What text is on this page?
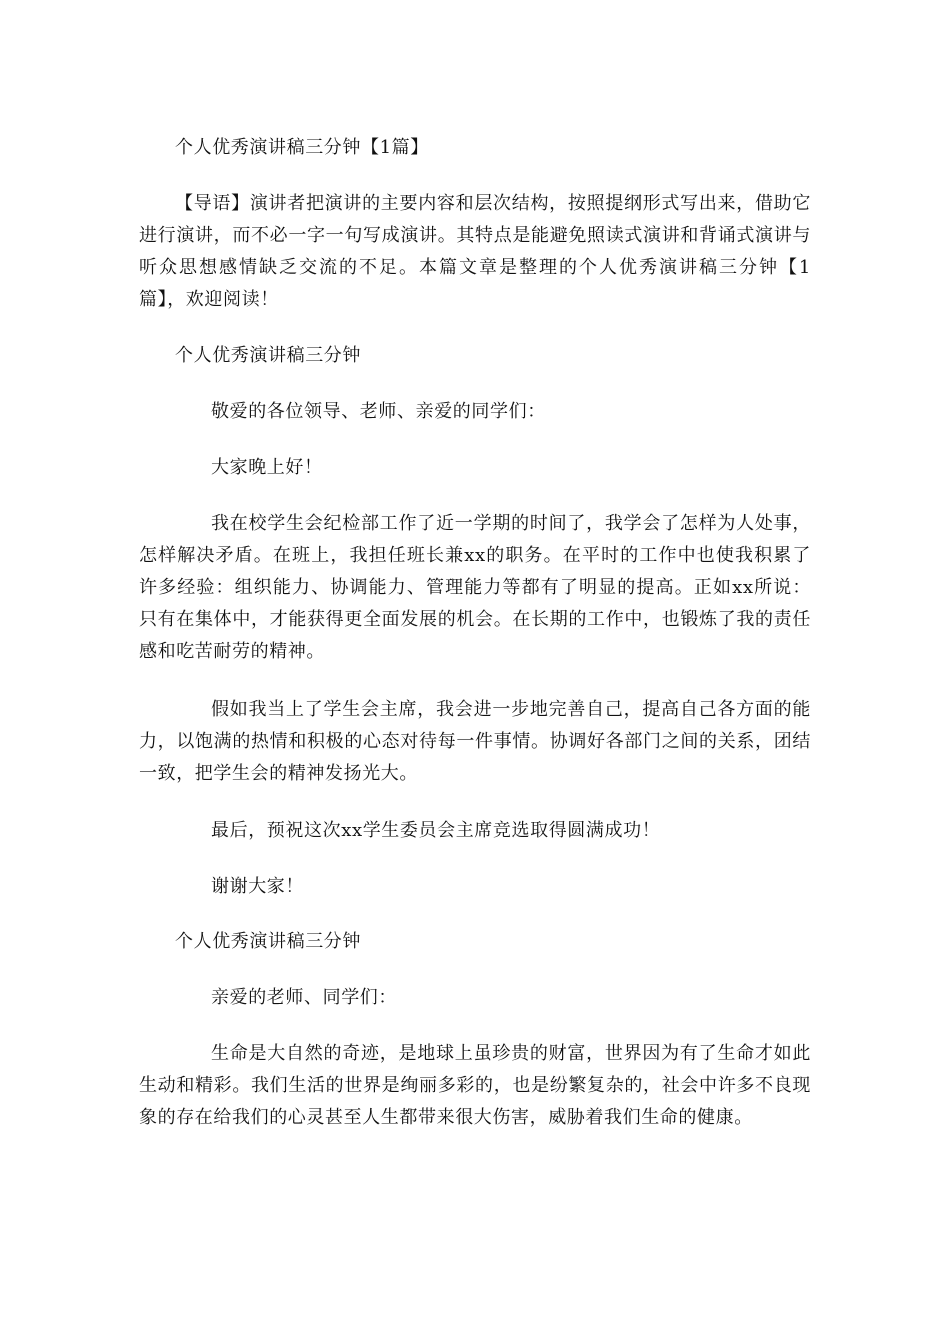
个人优秀演讲稿三分钟【1篇】
【导语】演讲者把演讲的主要内容和层次结构，按照提纲形式写出来，借助它进行演讲，而不必一字一句写成演讲。其特点是能避免照读式演讲和背诵式演讲与听众思想感情缺乏交流的不足。本篇文章是整理的个人优秀演讲稿三分钟【1篇】，欢迎阅读！
个人优秀演讲稿三分钟
敬爱的各位领导、老师、亲爱的同学们：
大家晚上好！
我在校学生会纪检部工作了近一学期的时间了，我学会了怎样为人处事，怎样解决矛盾。在班上，我担任班长兼xx的职务。在平时的工作中也使我积累了许多经验：组织能力、协调能力、管理能力等都有了明显的提高。正如xx所说：只有在集体中，才能获得更全面发展的机会。在长期的工作中，也锻炼了我的责任感和吃苦耐劳的精神。
假如我当上了学生会主席，我会进一步地完善自己，提高自己各方面的能力，以饱满的热情和积极的心态对待每一件事情。协调好各部门之间的关系，团结一致，把学生会的精神发扬光大。
最后，预祝这次xx学生委员会主席竞选取得圆满成功！
谢谢大家！
个人优秀演讲稿三分钟
亲爱的老师、同学们：
生命是大自然的奇迹，是地球上虽珍贵的财富，世界因为有了生命才如此生动和精彩。我们生活的世界是绚丽多彩的，也是纷繁复杂的，社会中许多不良现象的存在给我们的心灵甚至人生都带来很大伤害，威胁着我们生命的健康。
